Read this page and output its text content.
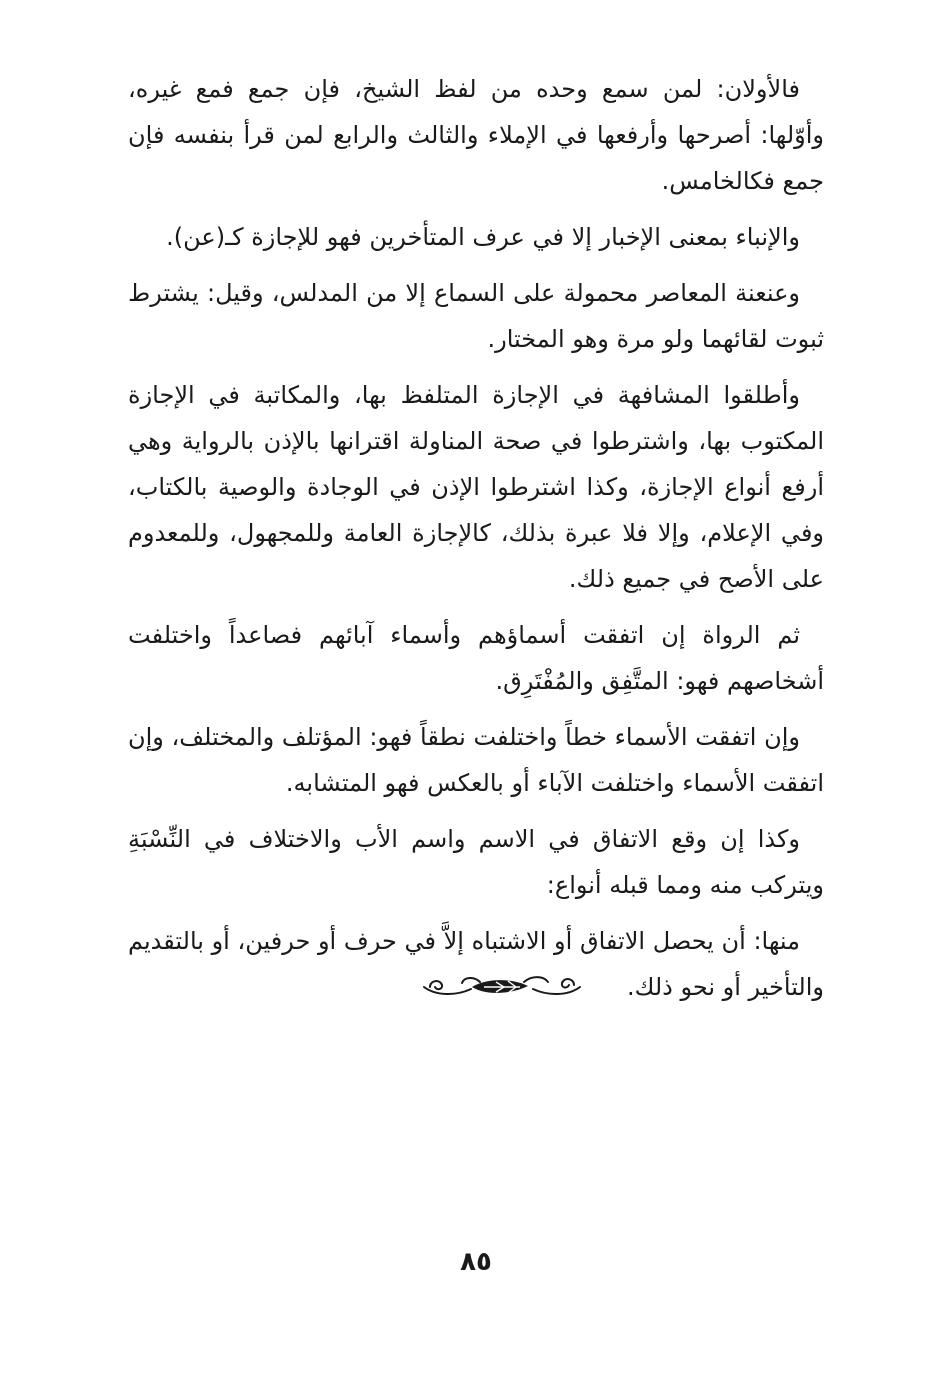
فالأولان: لمن سمع وحده من لفظ الشيخ، فإن جمع فمع غيره، وأوّلها: أصرحها وأرفعها في الإملاء والثالث والرابع لمن قرأ بنفسه فإن جمع فكالخامس.

والإنباء بمعنى الإخبار إلا في عرف المتأخرين فهو للإجازة كـ(عن).

وعنعنة المعاصر محمولة على السماع إلا من المدلس، وقيل: يشترط ثبوت لقائهما ولو مرة وهو المختار.

وأطلقوا المشافهة في الإجازة المتلفظ بها، والمكاتبة في الإجازة المكتوب بها، واشترطوا في صحة المناولة اقترانها بالإذن بالرواية وهي أرفع أنواع الإجازة، وكذا اشترطوا الإذن في الوجادة والوصية بالكتاب، وفي الإعلام، وإلا فلا عبرة بذلك، كالإجازة العامة وللمجهول، وللمعدوم على الأصح في جميع ذلك.

ثم الرواة إن اتفقت أسماؤهم وأسماء آبائهم فصاعداً واختلفت أشخاصهم فهو: المتَّفِق والمُفْتَرِق.

وإن اتفقت الأسماء خطاً واختلفت نطقاً فهو: المؤتلف والمختلف، وإن اتفقت الأسماء واختلفت الآباء أو بالعكس فهو المتشابه.

وكذا إن وقع الاتفاق في الاسم واسم الأب والاختلاف في النِّسْبَةِ ويتركب منه ومما قبله أنواع:

منها: أن يحصل الاتفاق أو الاشتباه إلاَّ في حرف أو حرفين، أو بالتقديم والتأخير أو نحو ذلك.

٨٥
